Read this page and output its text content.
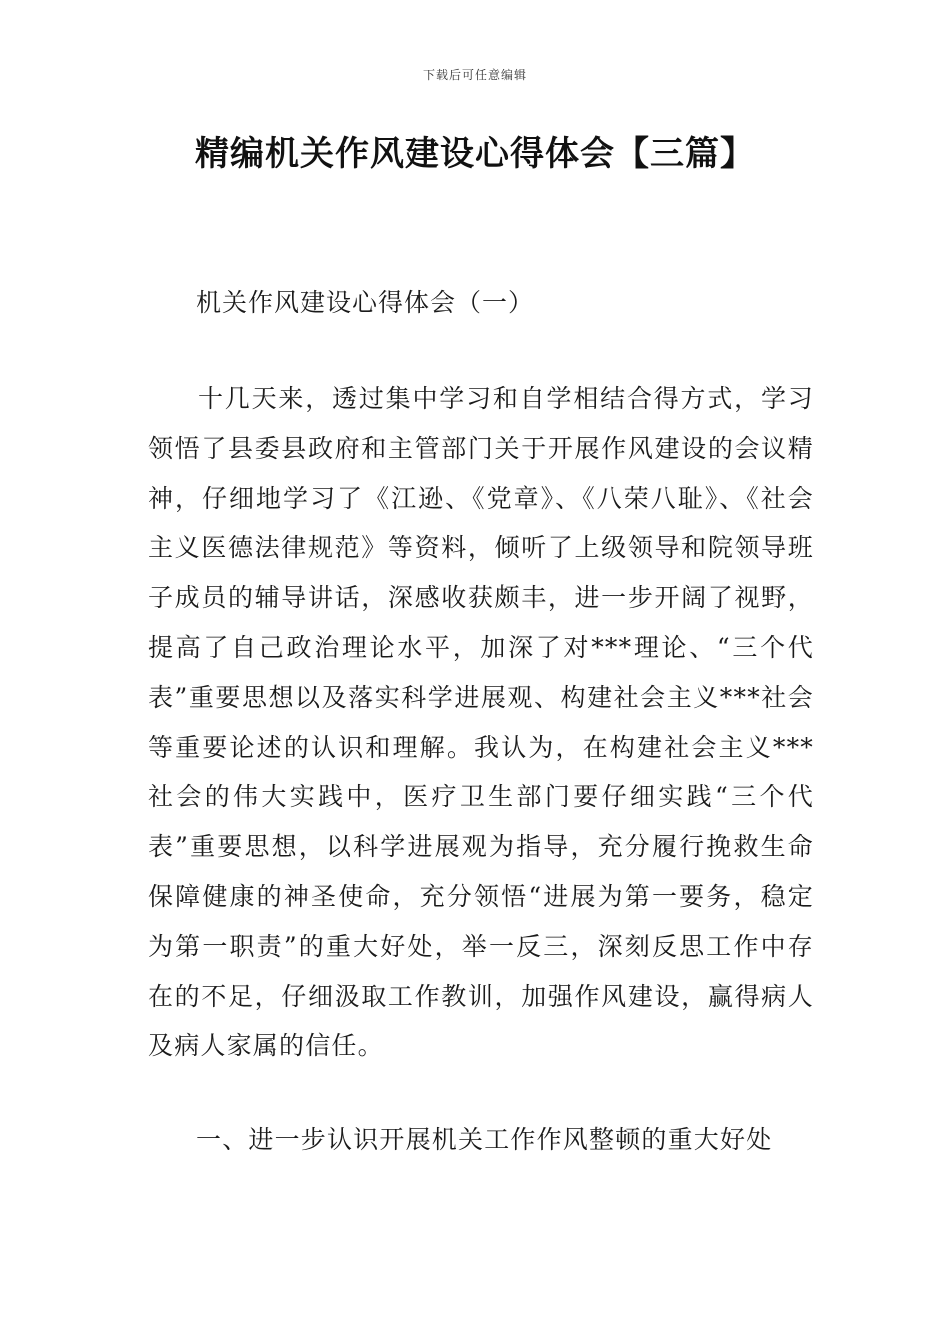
下载后可任意编辑
精编机关作风建设心得体会【三篇】
机关作风建设心得体会（一）

十几天来，透过集中学习和自学相结合得方式，学习领悟了县委县政府和主管部门关于开展作风建设的会议精神，仔细地学习了《江逊、《党章》、《八荣八耻》、《社会主义医德法律规范》等资料，倾听了上级领导和院领导班子成员的辅导讲话，深感收获颇丰，进一步开阔了视野，提高了自己政治理论水平，加深了对***理论、“三个代表”重要思想以及落实科学进展观、构建社会主义***社会等重要论述的认识和理解。我认为，在构建社会主义***社会的伟大实践中，医疗卫生部门要仔细实践“三个代表”重要思想，以科学进展观为指导，充分履行挽救生命保障健康的神圣使命，充分领悟“进展为第一要务，稳定为第一职责”的重大好处，举一反三，深刻反思工作中存在的不足，仔细汲取工作教训，加强作风建设，赢得病人及病人家属的信任。

一、进一步认识开展机关工作作风整顿的重大好处
